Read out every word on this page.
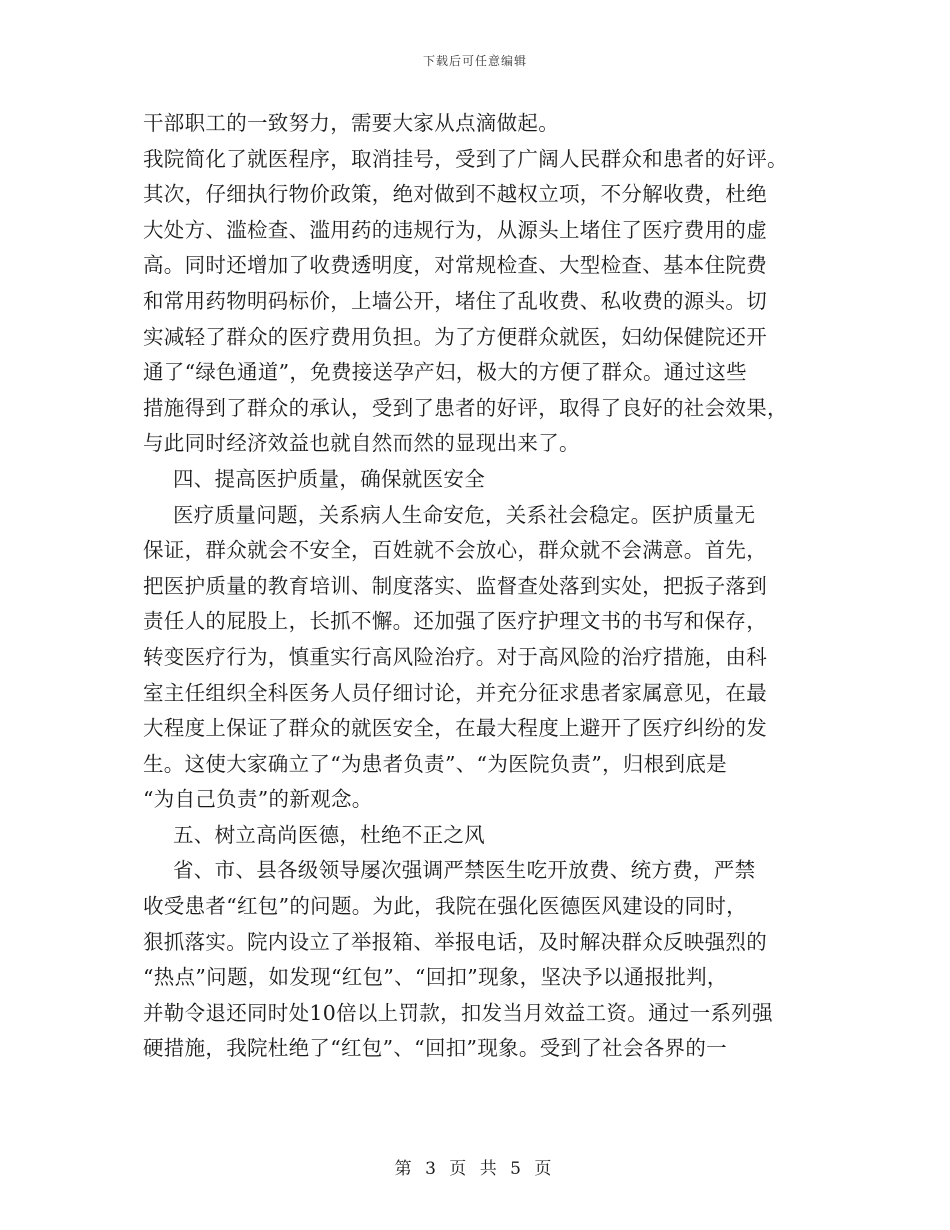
下载后可任意编辑
干部职工的一致努力，需要大家从点滴做起。
我院简化了就医程序，取消挂号，受到了广阔人民群众和患者的好评。
其次，仔细执行物价政策，绝对做到不越权立项，不分解收费，杜绝
大处方、滥检查、滥用药的违规行为，从源头上堵住了医疗费用的虚
高。同时还增加了收费透明度，对常规检查、大型检查、基本住院费
和常用药物明码标价，上墙公开，堵住了乱收费、私收费的源头。切
实减轻了群众的医疗费用负担。为了方便群众就医，妇幼保健院还开
通了“绿色通道”，免费接送孕产妇，极大的方便了群众。通过这些
措施得到了群众的承认，受到了患者的好评，取得了良好的社会效果，
与此同时经济效益也就自然而然的显现出来了。
四、提高医护质量，确保就医安全
医疗质量问题，关系病人生命安危，关系社会稳定。医护质量无
保证，群众就会不安全，百姓就不会放心，群众就不会满意。首先，
把医护质量的教育培训、制度落实、监督查处落到实处，把扳子落到
责任人的屁股上，长抓不懈。还加强了医疗护理文书的书写和保存，
转变医疗行为，慎重实行高风险治疗。对于高风险的治疗措施，由科
室主任组织全科医务人员仔细讨论，并充分征求患者家属意见，在最
大程度上保证了群众的就医安全，在最大程度上避开了医疗纠纷的发
生。这使大家确立了“为患者负责”、“为医院负责”，归根到底是
“为自己负责”的新观念。
五、树立高尚医德，杜绝不正之风
省、市、县各级领导屡次强调严禁医生吃开放费、统方费，严禁
收受患者“红包”的问题。为此，我院在强化医德医风建设的同时，
狠抓落实。院内设立了举报箱、举报电话，及时解决群众反映强烈的
“热点”问题，如发现“红包”、“回扣”现象，坚决予以通报批判，
并勒令退还同时处10倍以上罚款，扣发当月效益工资。通过一系列强
硬措施，我院杜绝了“红包”、“回扣”现象。受到了社会各界的一
第 3 页 共 5 页
